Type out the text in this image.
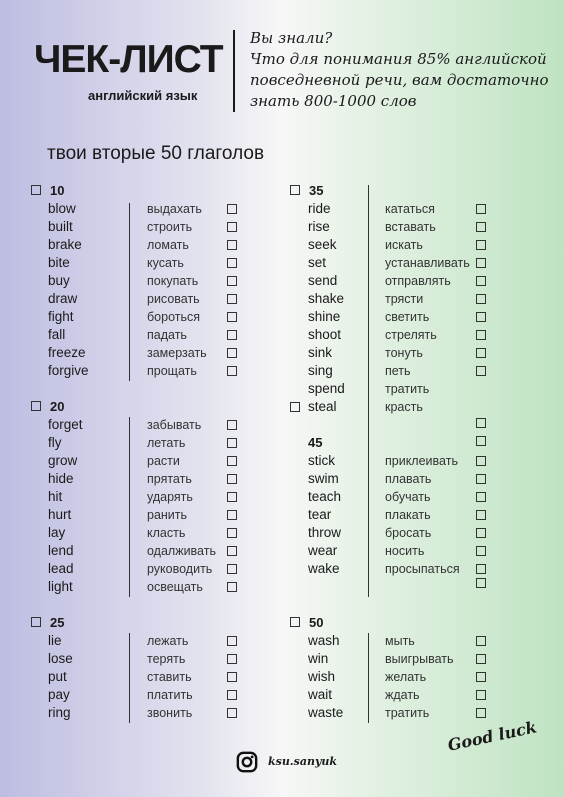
ЧЕК-ЛИСТ
английский язык
Вы знали?
Что для понимания 85% английской
повседневной речи, вам достаточно
знать 800-1000 слов
твои вторые 50 глаголов
10
blow	выдахать
built	строить
brake	ломать
bite	кусать
buy	покупать
draw	рисовать
fight	бороться
fall	падать
freeze	замерзать
forgive	прощать
20
forget	забывать
fly	летать
grow	расти
hide	прятать
hit	ударять
hurt	ранить
lay	класть
lend	одалживать
lead	руководить
light	освещать
25
lie	лежать
lose	терять
put	ставить
pay	платить
ring	звонить
35
ride	кататься
rise	вставать
seek	искать
set	устанавливать
send	отправлять
shake	трясти
shine	светить
shoot	стрелять
sink	тонуть
sing	петь
spend	тратить
steal	красть
45
stick	приклеивать
swim	плавать
teach	обучать
tear	плакать
throw	бросать
wear	носить
wake	просыпаться
50
wash	мыть
win	выигрывать
wish	желать
wait	ждать
waste	тратить
ksu.sanyuk
Good luck
